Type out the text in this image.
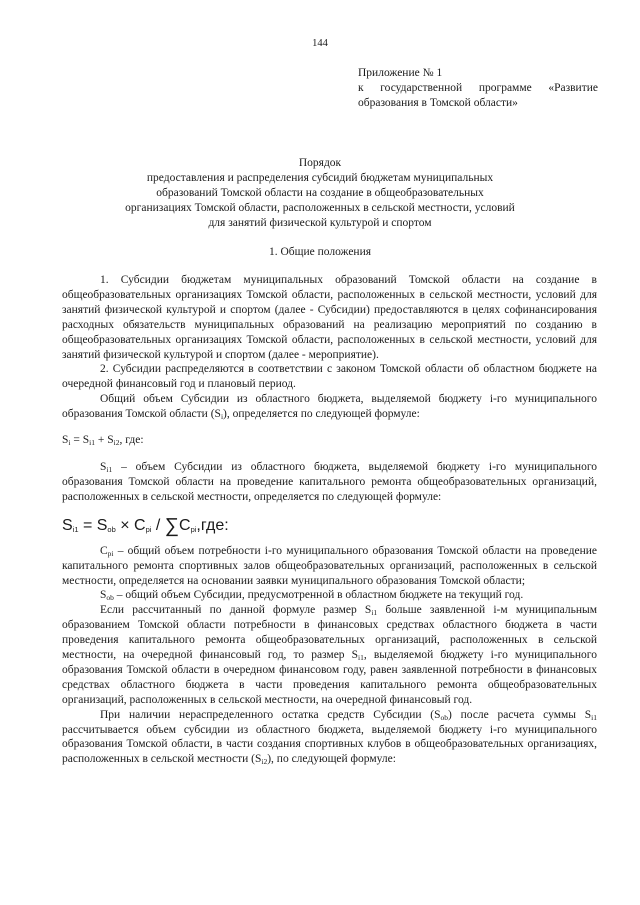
144
Приложение № 1
к государственной программе «Развитие
образования в Томской области»
Порядок
предоставления и распределения субсидий бюджетам муниципальных
образований Томской области на создание в общеобразовательных
организациях Томской области, расположенных в сельской местности, условий
для занятий физической культурой и спортом
1. Общие положения

1. Субсидии бюджетам муниципальных образований Томской области на создание в общеобразовательных организациях Томской области, расположенных в сельской местности, условий для занятий физической культурой и спортом (далее - Субсидии) предоставляются в целях софинансирования расходных обязательств муниципальных образований на реализацию мероприятий по созданию в общеобразовательных организациях Томской области, расположенных в сельской местности, условий для занятий физической культурой и спортом (далее - мероприятие).

2. Субсидии распределяются в соответствии с законом Томской области об областном бюджете на очередной финансовый год и плановый период.

Общий объем Субсидии из областного бюджета, выделяемой бюджету i-го муниципального образования Томской области $(S_i)$, определяется по следующей формуле:

$S_i = S_{i1} + S_{i2}$, где:

$S_{i1}$ – объем Субсидии из областного бюджета, выделяемой бюджету i-го муниципального образования Томской области на проведение капитального ремонта общеобразовательных организаций, расположенных в сельской местности, определяется по следующей формуле:

$S_{i1} = S_{ob} \times C_{pi} / \sum C_{pi},где$:

$C_{pi}$ – общий объем потребности i-го муниципального образования Томской области на проведение капитального ремонта спортивных залов общеобразовательных организаций, расположенных в сельской местности, определяется на основании заявки муниципального образования Томской области;

$S_{ob}$ – общий объем Субсидии, предусмотренной в областном бюджете на текущий год.

Если рассчитанный по данной формуле размер $S_{i1}$ больше заявленной i-м муниципальным образованием Томской области потребности в финансовых средствах областного бюджета в части проведения капитального ремонта общеобразовательных организаций, расположенных в сельской местности, на очередной финансовый год, то размер $S_{i1}$, выделяемой бюджету i-го муниципального образования Томской области в очередном финансовом году, равен заявленной потребности в финансовых средствах областного бюджета в части проведения капитального ремонта общеобразовательных организаций, расположенных в сельской местности, на очередной финансовый год.

При наличии нераспределенного остатка средств Субсидии $(S_{ob})$ после расчета суммы $S_{i1}$ рассчитывается объем субсидии из областного бюджета, выделяемой бюджету i-го муниципального образования Томской области, в части создания спортивных клубов в общеобразовательных организациях, расположенных в сельской местности $(S_{i2})$, по следующей формуле:
